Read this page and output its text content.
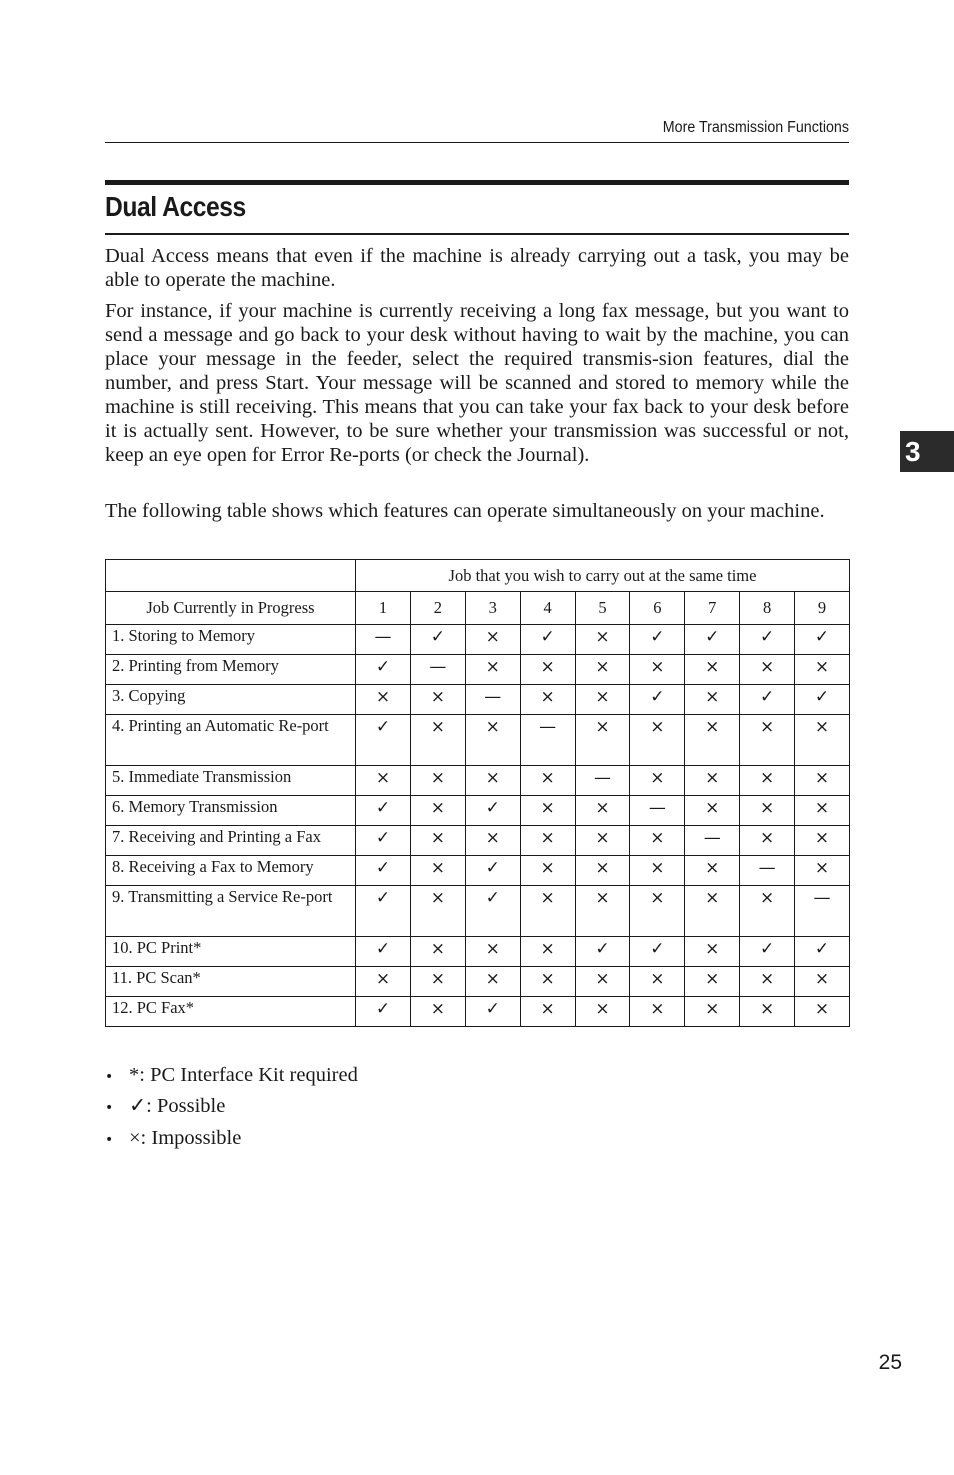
More Transmission Functions
3
Dual Access

Dual Access means that even if the machine is already carrying out a task, you may be able to operate the machine.

For instance, if your machine is currently receiving a long fax message, but you want to send a message and go back to your desk without having to wait by the machine, you can place your message in the feeder, select the required transmis-sion features, dial the number, and press Start. Your message will be scanned and stored to memory while the machine is still receiving. This means that you can take your fax back to your desk before it is actually sent. However, to be sure whether your transmission was successful or not, keep an eye open for Error Re-ports (or check the Journal).

The following table shows which features can operate simultaneously on your machine.

	Job that you wish to carry out at the same time								
Job Currently in Progress	1	2	3	4	5	6	7	8	9
1. Storing to Memory	—	✓	×	✓	×	✓	✓	✓	✓
2. Printing from Memory	✓	—	×	×	×	×	×	×	×
3. Copying	×	×	—	×	×	✓	×	✓	✓
4. Printing an Automatic Re-port	✓	×	×	—	×	×	×	×	×
5. Immediate Transmission	×	×	×	×	—	×	×	×	×
6. Memory Transmission	✓	×	✓	×	×	—	×	×	×
7. Receiving and Printing a Fax	✓	×	×	×	×	×	—	×	×
8. Receiving a Fax to Memory	✓	×	✓	×	×	×	×	—	×
9. Transmitting a Service Re-port	✓	×	✓	×	×	×	×	×	—
10. PC Print*	✓	×	×	×	✓	✓	×	✓	✓
11. PC Scan*	×	×	×	×	×	×	×	×	×
12. PC Fax*	✓	×	✓	×	×	×	×	×	×
• *: PC Interface Kit required
• ✓: Possible
• ×: Impossible
25
